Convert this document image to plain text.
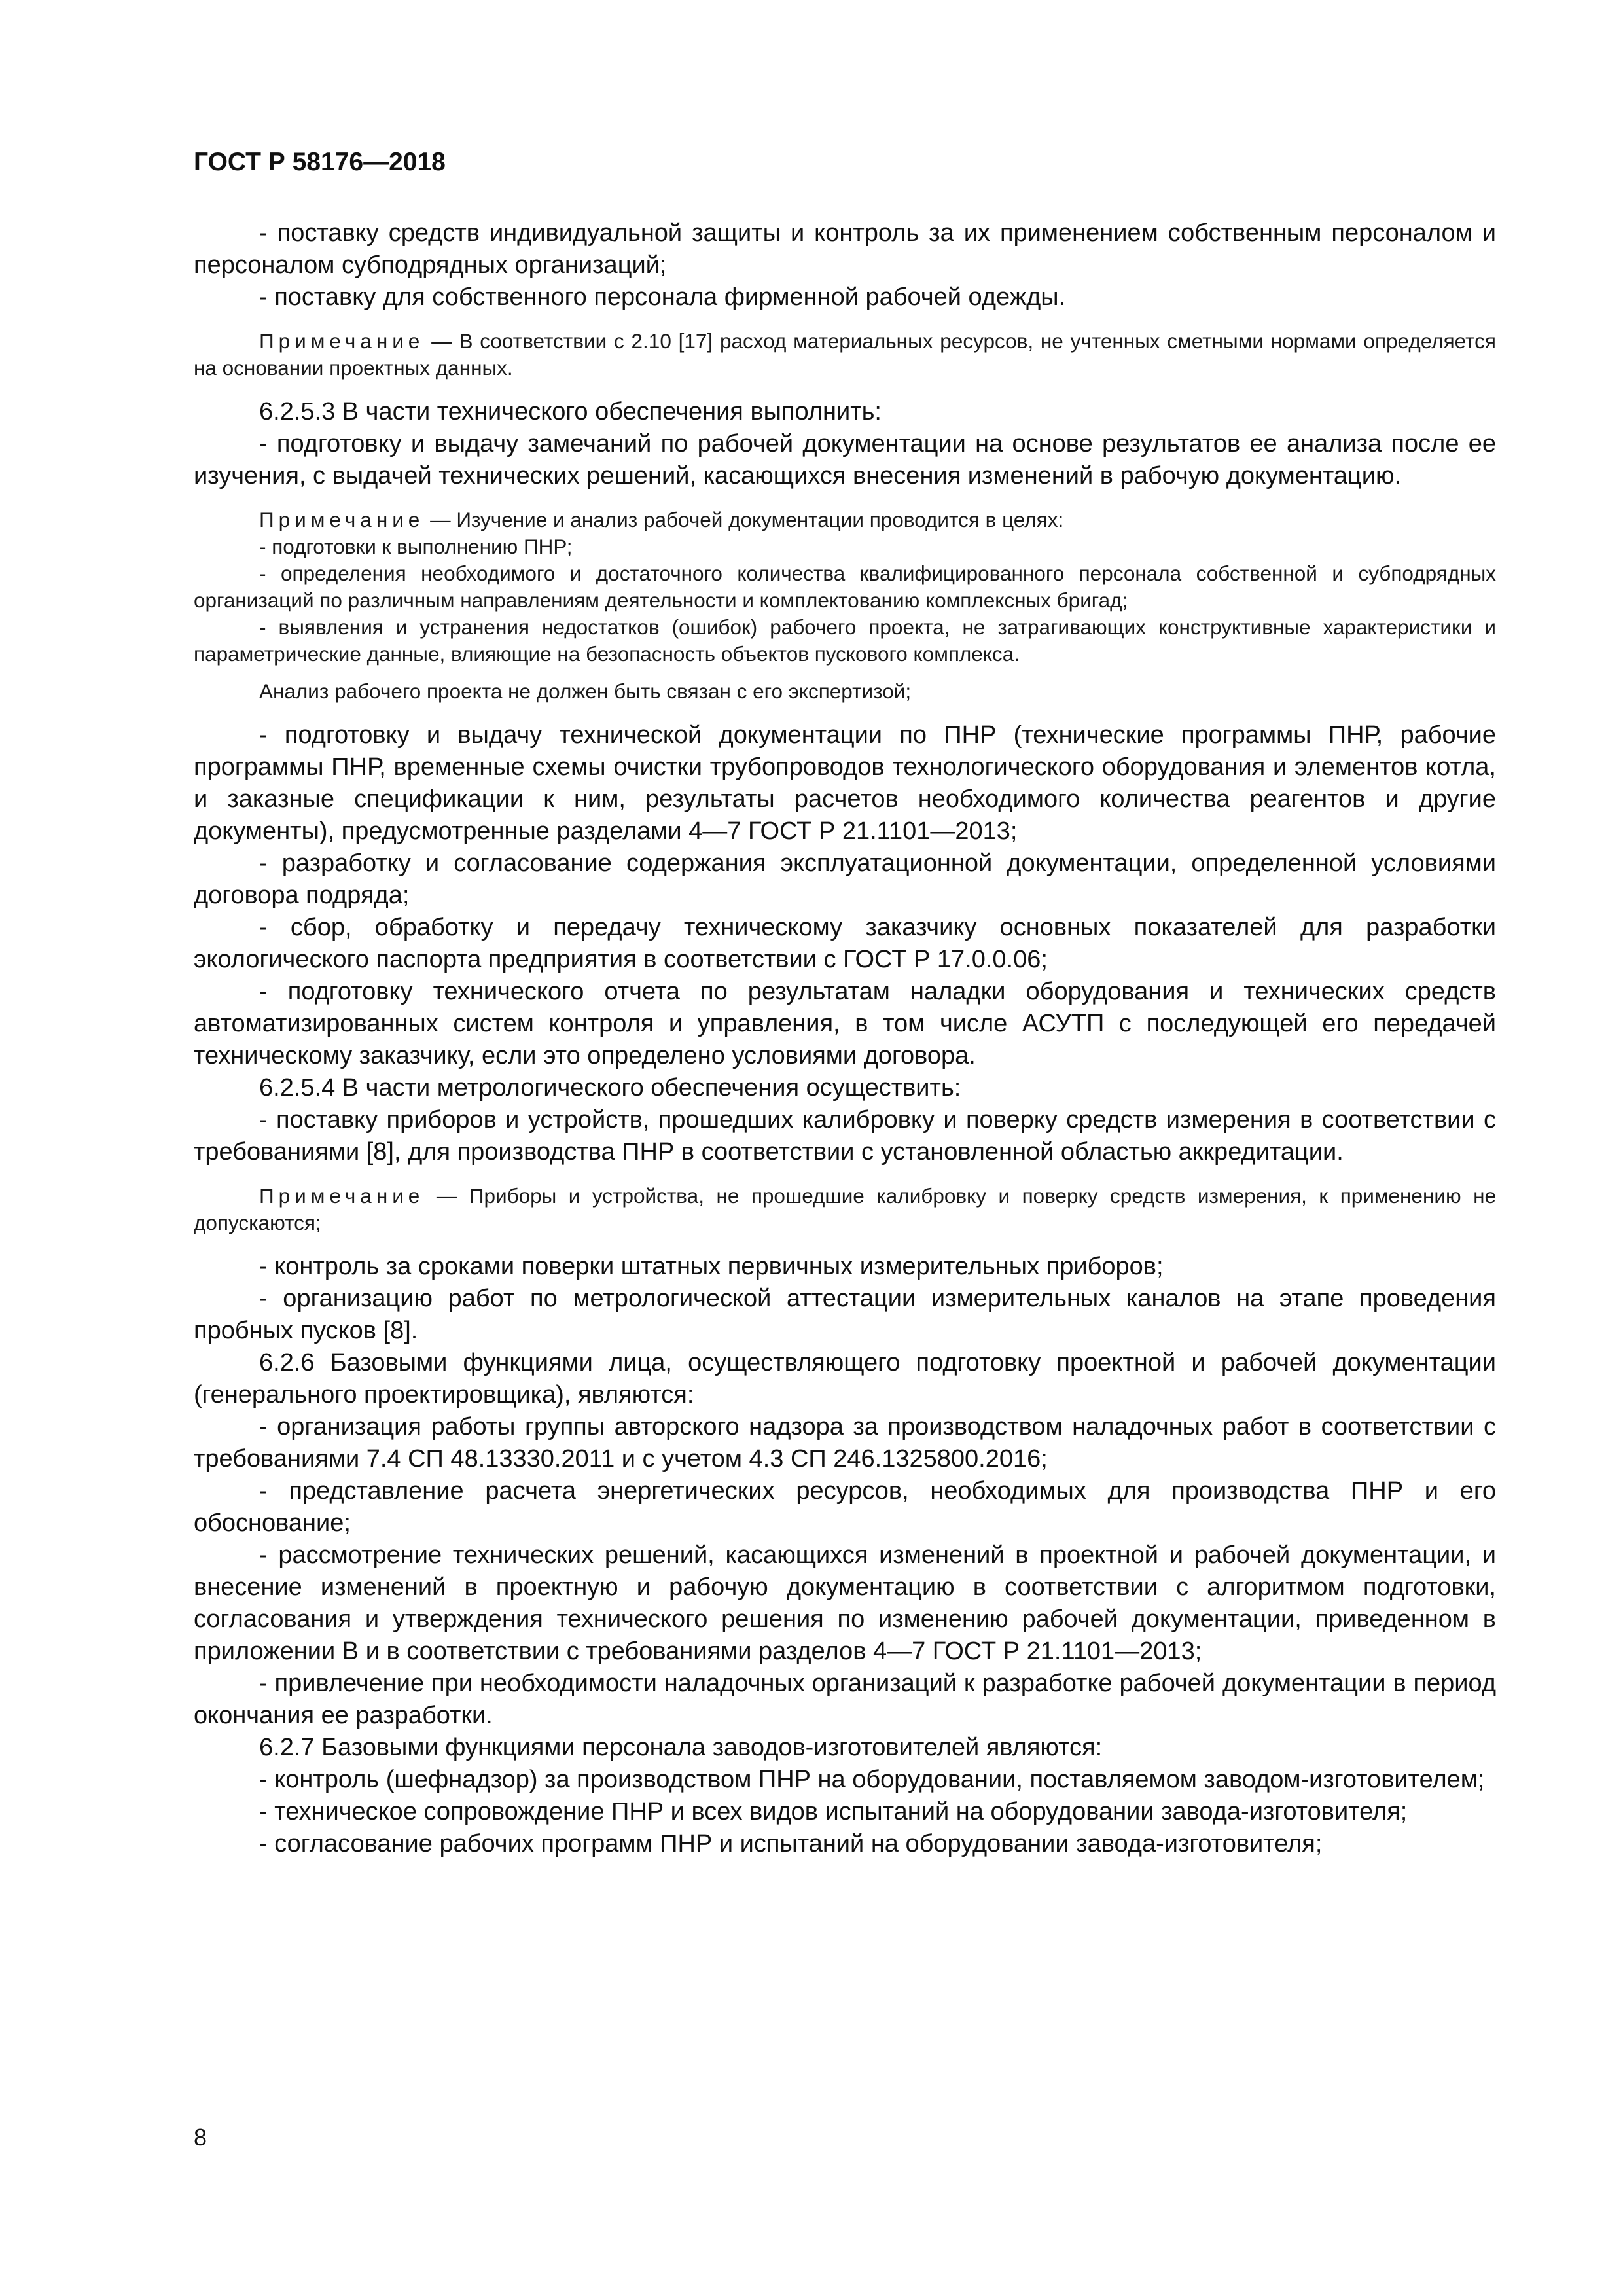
ГОСТ Р 58176—2018

- поставку средств индивидуальной защиты и контроль за их применением собственным персоналом и персоналом субподрядных организаций;

- поставку для собственного персонала фирменной рабочей одежды.

Примечание — В соответствии с 2.10 [17] расход материальных ресурсов, не учтенных сметными нормами определяется на основании проектных данных.

6.2.5.3 В части технического обеспечения выполнить:

- подготовку и выдачу замечаний по рабочей документации на основе результатов ее анализа после ее изучения, с выдачей технических решений, касающихся внесения изменений в рабочую документацию.

Примечание — Изучение и анализ рабочей документации проводится в целях:

- подготовки к выполнению ПНР;

- определения необходимого и достаточного количества квалифицированного персонала собственной и субподрядных организаций по различным направлениям деятельности и комплектованию комплексных бригад;

- выявления и устранения недостатков (ошибок) рабочего проекта, не затрагивающих конструктивные характеристики и параметрические данные, влияющие на безопасность объектов пускового комплекса.

Анализ рабочего проекта не должен быть связан с его экспертизой;

- подготовку и выдачу технической документации по ПНР (технические программы ПНР, рабочие программы ПНР, временные схемы очистки трубопроводов технологического оборудования и элементов котла, и заказные спецификации к ним, результаты расчетов необходимого количества реагентов и другие документы), предусмотренные разделами 4—7 ГОСТ Р 21.1101—2013;

- разработку и согласование содержания эксплуатационной документации, определенной условиями договора подряда;

- сбор, обработку и передачу техническому заказчику основных показателей для разработки экологического паспорта предприятия в соответствии с ГОСТ Р 17.0.0.06;

- подготовку технического отчета по результатам наладки оборудования и технических средств автоматизированных систем контроля и управления, в том числе АСУТП с последующей его передачей техническому заказчику, если это определено условиями договора.

6.2.5.4 В части метрологического обеспечения осуществить:

- поставку приборов и устройств, прошедших калибровку и поверку средств измерения в соответствии с требованиями [8], для производства ПНР в соответствии с установленной областью аккредитации.

Примечание — Приборы и устройства, не прошедшие калибровку и поверку средств измерения, к применению не допускаются;

- контроль за сроками поверки штатных первичных измерительных приборов;

- организацию работ по метрологической аттестации измерительных каналов на этапе проведения пробных пусков [8].

6.2.6 Базовыми функциями лица, осуществляющего подготовку проектной и рабочей документации (генерального проектировщика), являются:

- организация работы группы авторского надзора за производством наладочных работ в соответствии с требованиями 7.4 СП 48.13330.2011 и с учетом 4.3 СП 246.1325800.2016;

- представление расчета энергетических ресурсов, необходимых для производства ПНР и его обоснование;

- рассмотрение технических решений, касающихся изменений в проектной и рабочей документации, и внесение изменений в проектную и рабочую документацию в соответствии с алгоритмом подготовки, согласования и утверждения технического решения по изменению рабочей документации, приведенном в приложении В и в соответствии с требованиями разделов 4—7 ГОСТ Р 21.1101—2013;

- привлечение при необходимости наладочных организаций к разработке рабочей документации в период окончания ее разработки.

6.2.7 Базовыми функциями персонала заводов-изготовителей являются:

- контроль (шефнадзор) за производством ПНР на оборудовании, поставляемом заводом-изготовителем;

- техническое сопровождение ПНР и всех видов испытаний на оборудовании завода-изготовителя;

- согласование рабочих программ ПНР и испытаний на оборудовании завода-изготовителя;

8
